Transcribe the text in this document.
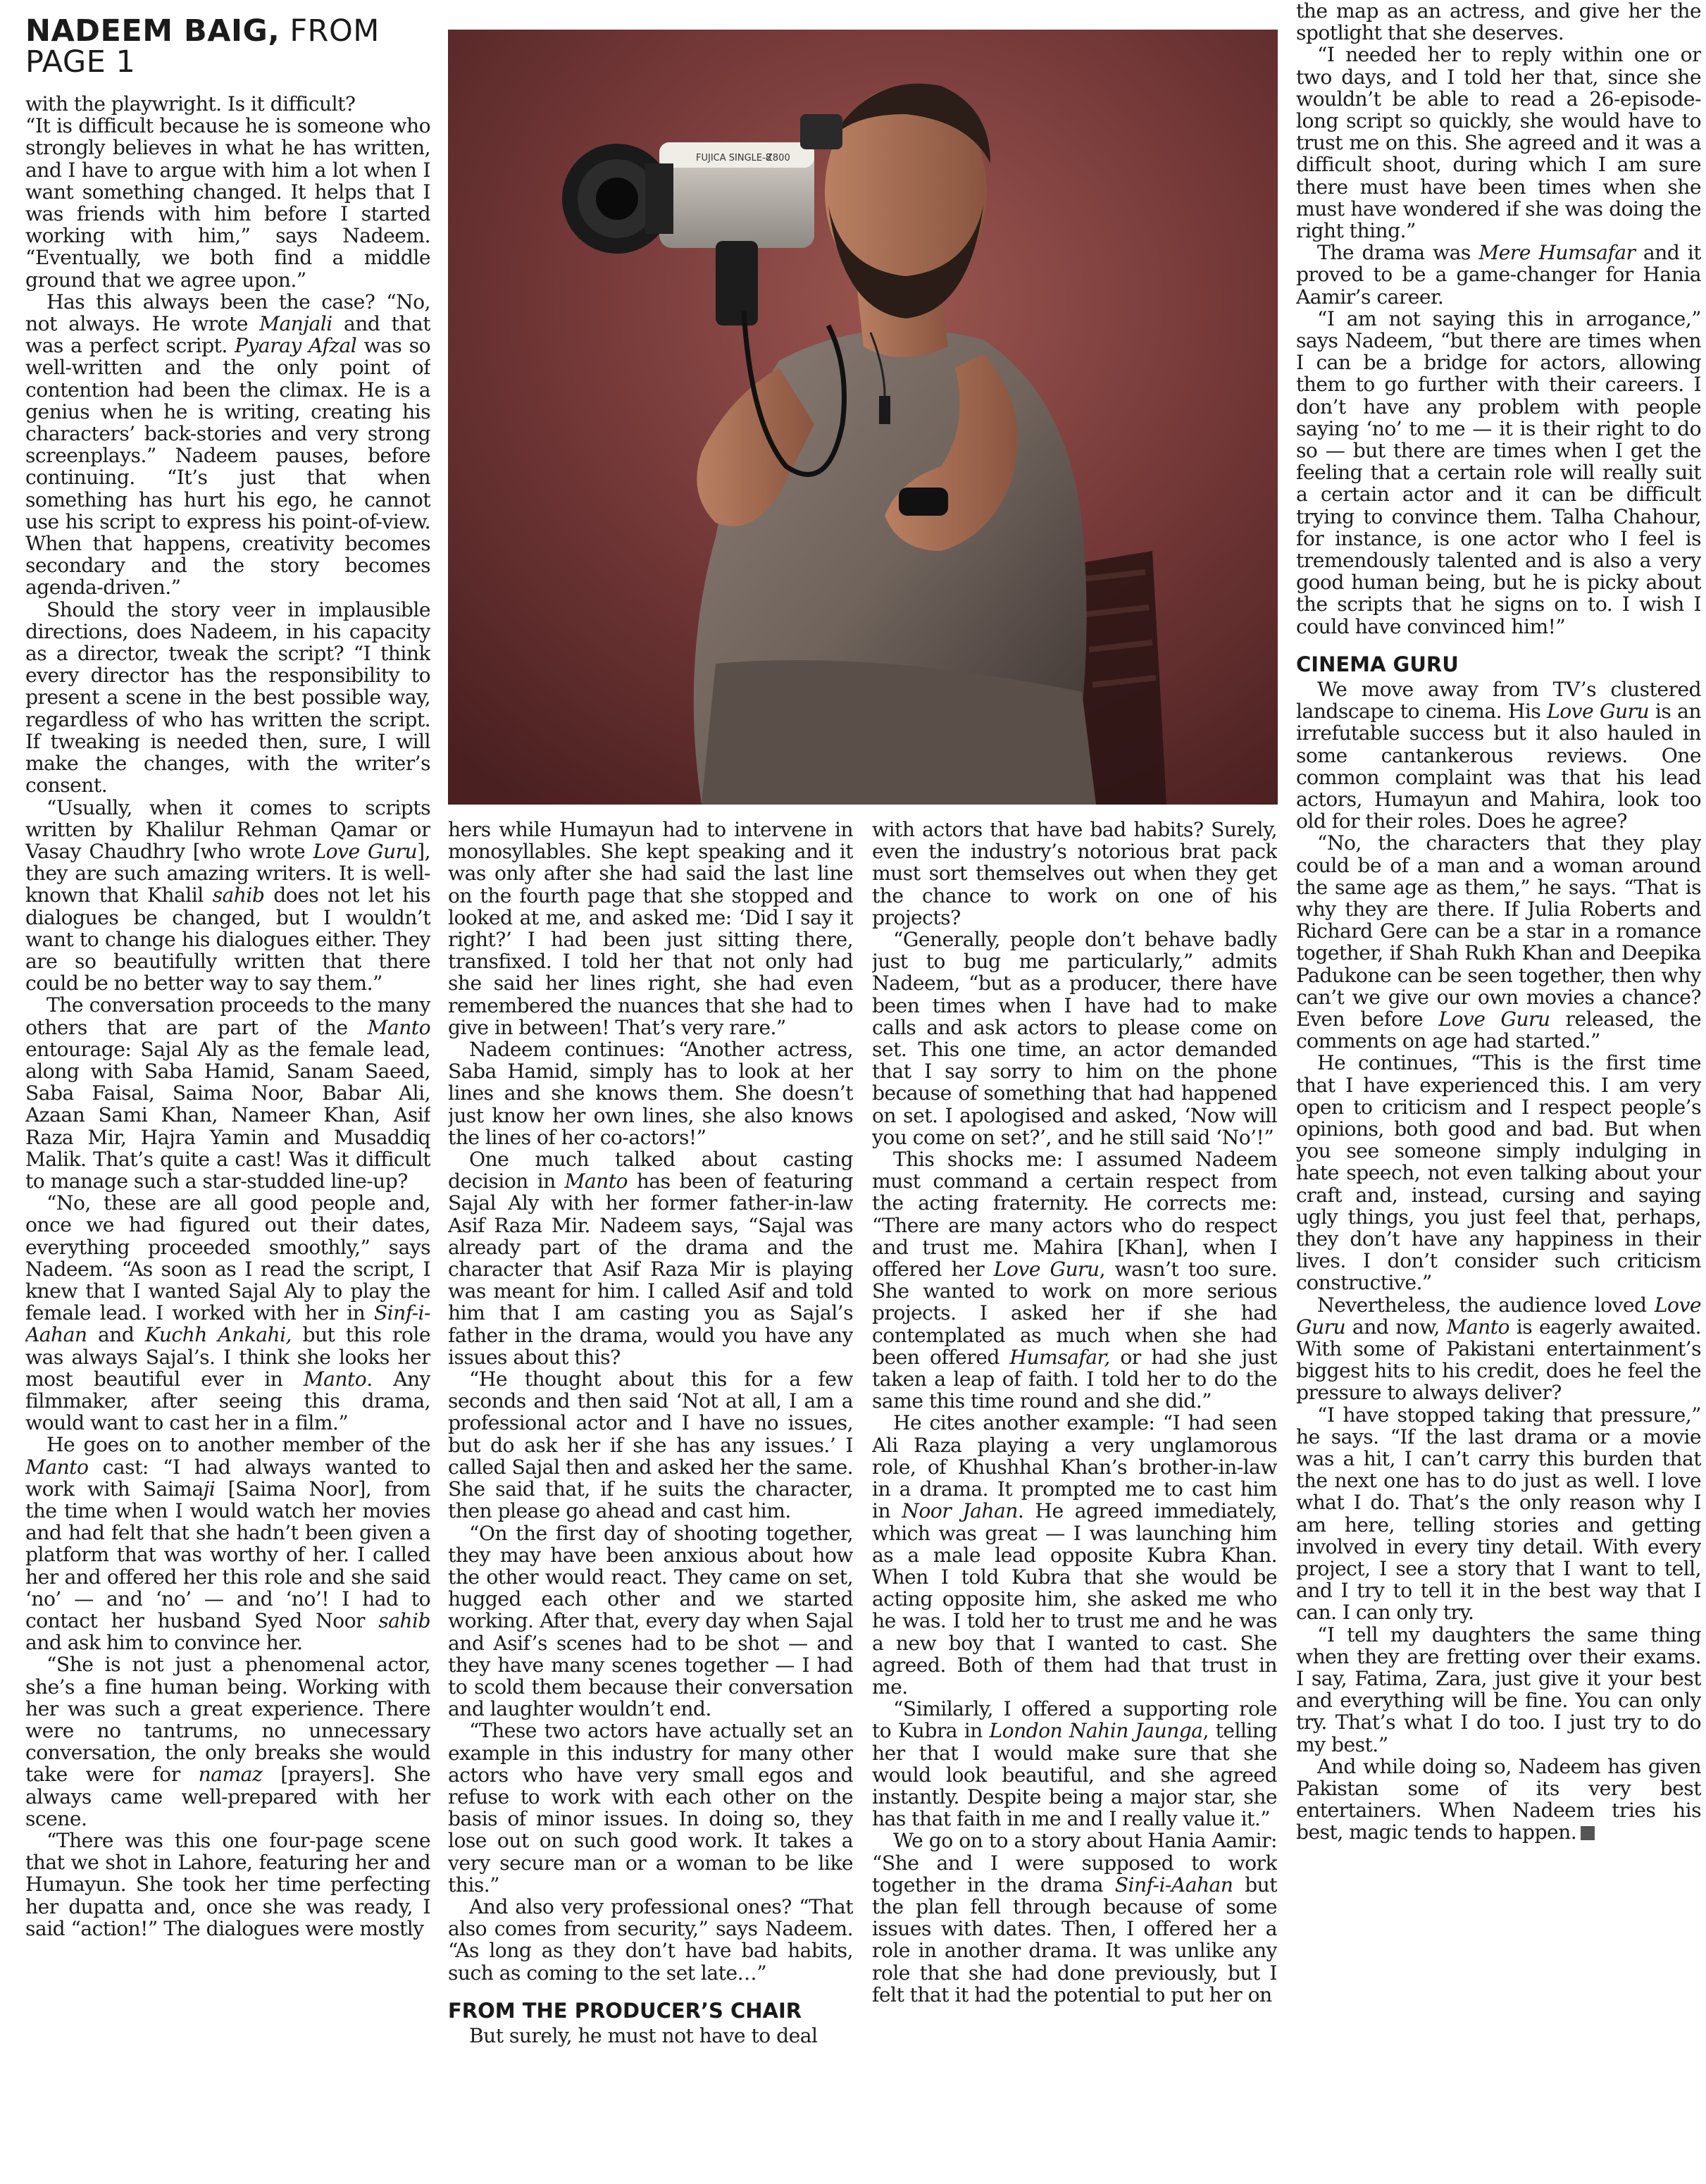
NADEEM BAIG, FROM PAGE 1

with the playwright. Is it difficult?

“It is difficult because he is someone who strongly believes in what he has written, and I have to argue with him a lot when I want something changed. It helps that I was friends with him before I started working with him,” says Nadeem. “Eventually, we both find a middle ground that we agree upon.”

Has this always been the case? “No, not always. He wrote Manjali and that was a perfect script. Pyaray Afzal was so well-written and the only point of contention had been the climax. He is a genius when he is writing, creating his characters’ back-stories and very strong screenplays.” Nadeem pauses, before continuing. “It’s just that when something has hurt his ego, he cannot use his script to express his point-of-view. When that happens, creativity becomes secondary and the story becomes agenda-driven.”

Should the story veer in implausible directions, does Nadeem, in his capacity as a director, tweak the script? “I think every director has the responsibility to present a scene in the best possible way, regardless of who has written the script. If tweaking is needed then, sure, I will make the changes, with the writer’s consent.

“Usually, when it comes to scripts written by Khalilur Rehman Qamar or Vasay Chaudhry [who wrote Love Guru], they are such amazing writers. It is well-known that Khalil sahib does not let his dialogues be changed, but I wouldn’t want to change his dialogues either. They are so beautifully written that there could be no better way to say them.”

The conversation proceeds to the many others that are part of the Manto entourage: Sajal Aly as the female lead, along with Saba Hamid, Sanam Saeed, Saba Faisal, Saima Noor, Babar Ali, Azaan Sami Khan, Nameer Khan, Asif Raza Mir, Hajra Yamin and Musaddiq Malik. That’s quite a cast! Was it difficult to manage such a star-studded line-up?

“No, these are all good people and, once we had figured out their dates, everything proceeded smoothly,” says Nadeem. “As soon as I read the script, I knew that I wanted Sajal Aly to play the female lead. I worked with her in Sinf-i-Aahan and Kuchh Ankahi, but this role was always Sajal’s. I think she looks her most beautiful ever in Manto. Any filmmaker, after seeing this drama, would want to cast her in a film.”

He goes on to another member of the Manto cast: “I had always wanted to work with Saimaji [Saima Noor], from the time when I would watch her movies and had felt that she hadn’t been given a platform that was worthy of her. I called her and offered her this role and she said ‘no’ — and ‘no’ — and ‘no’! I had to contact her husband Syed Noor sahib and ask him to convince her.

“She is not just a phenomenal actor, she’s a fine human being. Working with her was such a great experience. There were no tantrums, no unnecessary conversation, the only breaks she would take were for namaz [prayers]. She always came well-prepared with her scene.

“There was this one four-page scene that we shot in Lahore, featuring her and Humayun. She took her time perfecting her dupatta and, once she was ready, I said “action!” The dialogues were mostly

FUJICA SINGLE-8
Z800

hers while Humayun had to intervene in monosyllables. She kept speaking and it was only after she had said the last line on the fourth page that she stopped and looked at me, and asked me: ‘Did I say it right?’ I had been just sitting there, transfixed. I told her that not only had she said her lines right, she had even remembered the nuances that she had to give in between! That’s very rare.”

Nadeem continues: “Another actress, Saba Hamid, simply has to look at her lines and she knows them. She doesn’t just know her own lines, she also knows the lines of her co-actors!”

One much talked about casting decision in Manto has been of featuring Sajal Aly with her former father-in-law Asif Raza Mir. Nadeem says, “Sajal was already part of the drama and the character that Asif Raza Mir is playing was meant for him. I called Asif and told him that I am casting you as Sajal’s father in the drama, would you have any issues about this?

“He thought about this for a few seconds and then said ‘Not at all, I am a professional actor and I have no issues, but do ask her if she has any issues.’ I called Sajal then and asked her the same. She said that, if he suits the character, then please go ahead and cast him.

“On the first day of shooting together, they may have been anxious about how the other would react. They came on set, hugged each other and we started working. After that, every day when Sajal and Asif’s scenes had to be shot — and they have many scenes together — I had to scold them because their conversation and laughter wouldn’t end.

“These two actors have actually set an example in this industry for many other actors who have very small egos and refuse to work with each other on the basis of minor issues. In doing so, they lose out on such good work. It takes a very secure man or a woman to be like this.”

And also very professional ones? “That also comes from security,” says Nadeem. “As long as they don’t have bad habits, such as coming to the set late…”

FROM THE PRODUCER’S CHAIR

But surely, he must not have to deal

with actors that have bad habits? Surely, even the industry’s notorious brat pack must sort themselves out when they get the chance to work on one of his projects?

“Generally, people don’t behave badly just to bug me particularly,” admits Nadeem, “but as a producer, there have been times when I have had to make calls and ask actors to please come on set. This one time, an actor demanded that I say sorry to him on the phone because of something that had happened on set. I apologised and asked, ‘Now will you come on set?’, and he still said ‘No’!”

This shocks me: I assumed Nadeem must command a certain respect from the acting fraternity. He corrects me: “There are many actors who do respect and trust me. Mahira [Khan], when I offered her Love Guru, wasn’t too sure. She wanted to work on more serious projects. I asked her if she had contemplated as much when she had been offered Humsafar, or had she just taken a leap of faith. I told her to do the same this time round and she did.”

He cites another example: “I had seen Ali Raza playing a very unglamorous role, of Khushhal Khan’s brother-in-law in a drama. It prompted me to cast him in Noor Jahan. He agreed immediately, which was great — I was launching him as a male lead opposite Kubra Khan. When I told Kubra that she would be acting opposite him, she asked me who he was. I told her to trust me and he was a new boy that I wanted to cast. She agreed. Both of them had that trust in me.

“Similarly, I offered a supporting role to Kubra in London Nahin Jaunga, telling her that I would make sure that she would look beautiful, and she agreed instantly. Despite being a major star, she has that faith in me and I really value it.”

We go on to a story about Hania Aamir: “She and I were supposed to work together in the drama Sinf-i-Aahan but the plan fell through because of some issues with dates. Then, I offered her a role in another drama. It was unlike any role that she had done previously, but I felt that it had the potential to put her on

the map as an actress, and give her the spotlight that she deserves.

“I needed her to reply within one or two days, and I told her that, since she wouldn’t be able to read a 26-episode-long script so quickly, she would have to trust me on this. She agreed and it was a difficult shoot, during which I am sure there must have been times when she must have wondered if she was doing the right thing.”

The drama was Mere Humsafar and it proved to be a game-changer for Hania Aamir’s career.

“I am not saying this in arrogance,” says Nadeem, “but there are times when I can be a bridge for actors, allowing them to go further with their careers. I don’t have any problem with people saying ‘no’ to me — it is their right to do so — but there are times when I get the feeling that a certain role will really suit a certain actor and it can be difficult trying to convince them. Talha Chahour, for instance, is one actor who I feel is tremendously talented and is also a very good human being, but he is picky about the scripts that he signs on to. I wish I could have convinced him!”

CINEMA GURU

We move away from TV’s clustered landscape to cinema. His Love Guru is an irrefutable success but it also hauled in some cantankerous reviews. One common complaint was that his lead actors, Humayun and Mahira, look too old for their roles. Does he agree?

“No, the characters that they play could be of a man and a woman around the same age as them,” he says. “That is why they are there. If Julia Roberts and Richard Gere can be a star in a romance together, if Shah Rukh Khan and Deepika Padukone can be seen together, then why can’t we give our own movies a chance? Even before Love Guru released, the comments on age had started.”

He continues, “This is the first time that I have experienced this. I am very open to criticism and I respect people’s opinions, both good and bad. But when you see someone simply indulging in hate speech, not even talking about your craft and, instead, cursing and saying ugly things, you just feel that, perhaps, they don’t have any happiness in their lives. I don’t consider such criticism constructive.”

Nevertheless, the audience loved Love Guru and now, Manto is eagerly awaited. With some of Pakistani entertainment’s biggest hits to his credit, does he feel the pressure to always deliver?

“I have stopped taking that pressure,” he says. “If the last drama or a movie was a hit, I can’t carry this burden that the next one has to do just as well. I love what I do. That’s the only reason why I am here, telling stories and getting involved in every tiny detail. With every project, I see a story that I want to tell, and I try to tell it in the best way that I can. I can only try.

“I tell my daughters the same thing when they are fretting over their exams. I say, Fatima, Zara, just give it your best and everything will be fine. You can only try. That’s what I do too. I just try to do my best.”

And while doing so, Nadeem has given Pakistan some of its very best entertainers. When Nadeem tries his best, magic tends to happen.
